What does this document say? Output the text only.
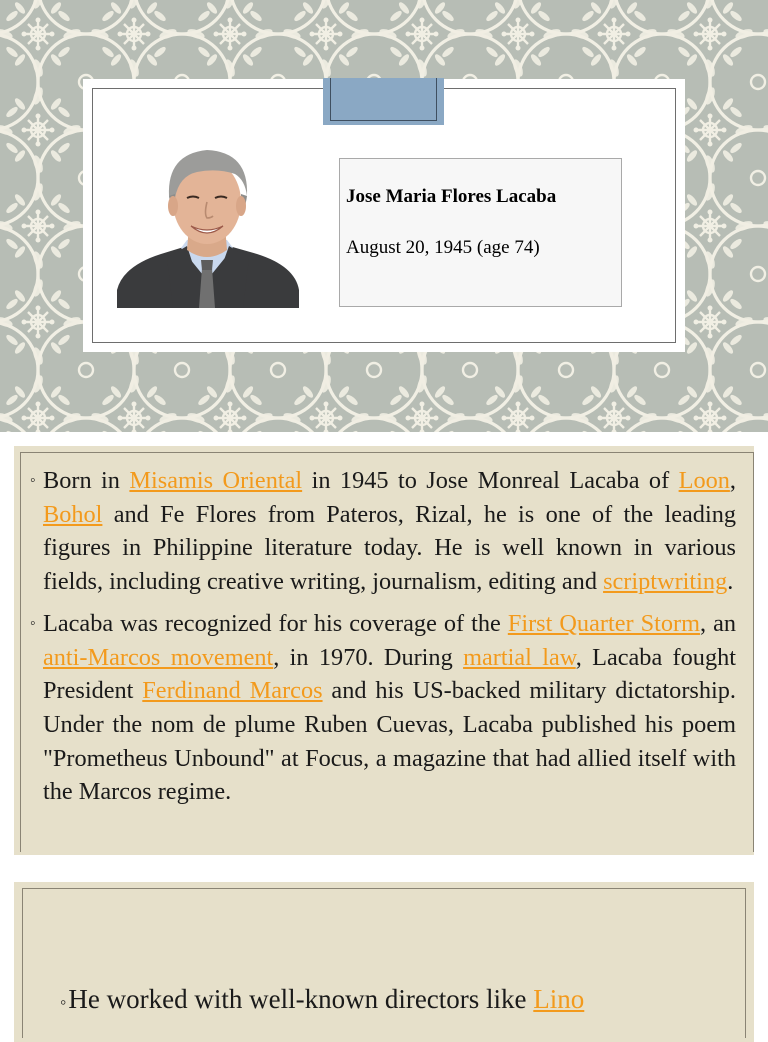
Jose Maria Flores Lacaba
August 20, 1945 (age 74)

◦ Born in Misamis Oriental in 1945 to Jose Monreal Lacaba of Loon, Bohol and Fe Flores from Pateros, Rizal, he is one of the leading figures in Philippine literature today. He is well known in various fields, including creative writing, journalism, editing and scriptwriting.

◦ Lacaba was recognized for his coverage of the First Quarter Storm, an anti-Marcos movement, in 1970. During martial law, Lacaba fought President Ferdinand Marcos and his US-backed military dictatorship. Under the nom de plume Ruben Cuevas, Lacaba published his poem "Prometheus Unbound" at Focus, a magazine that had allied itself with the Marcos regime.

◦He worked with well-known directors like Lino
